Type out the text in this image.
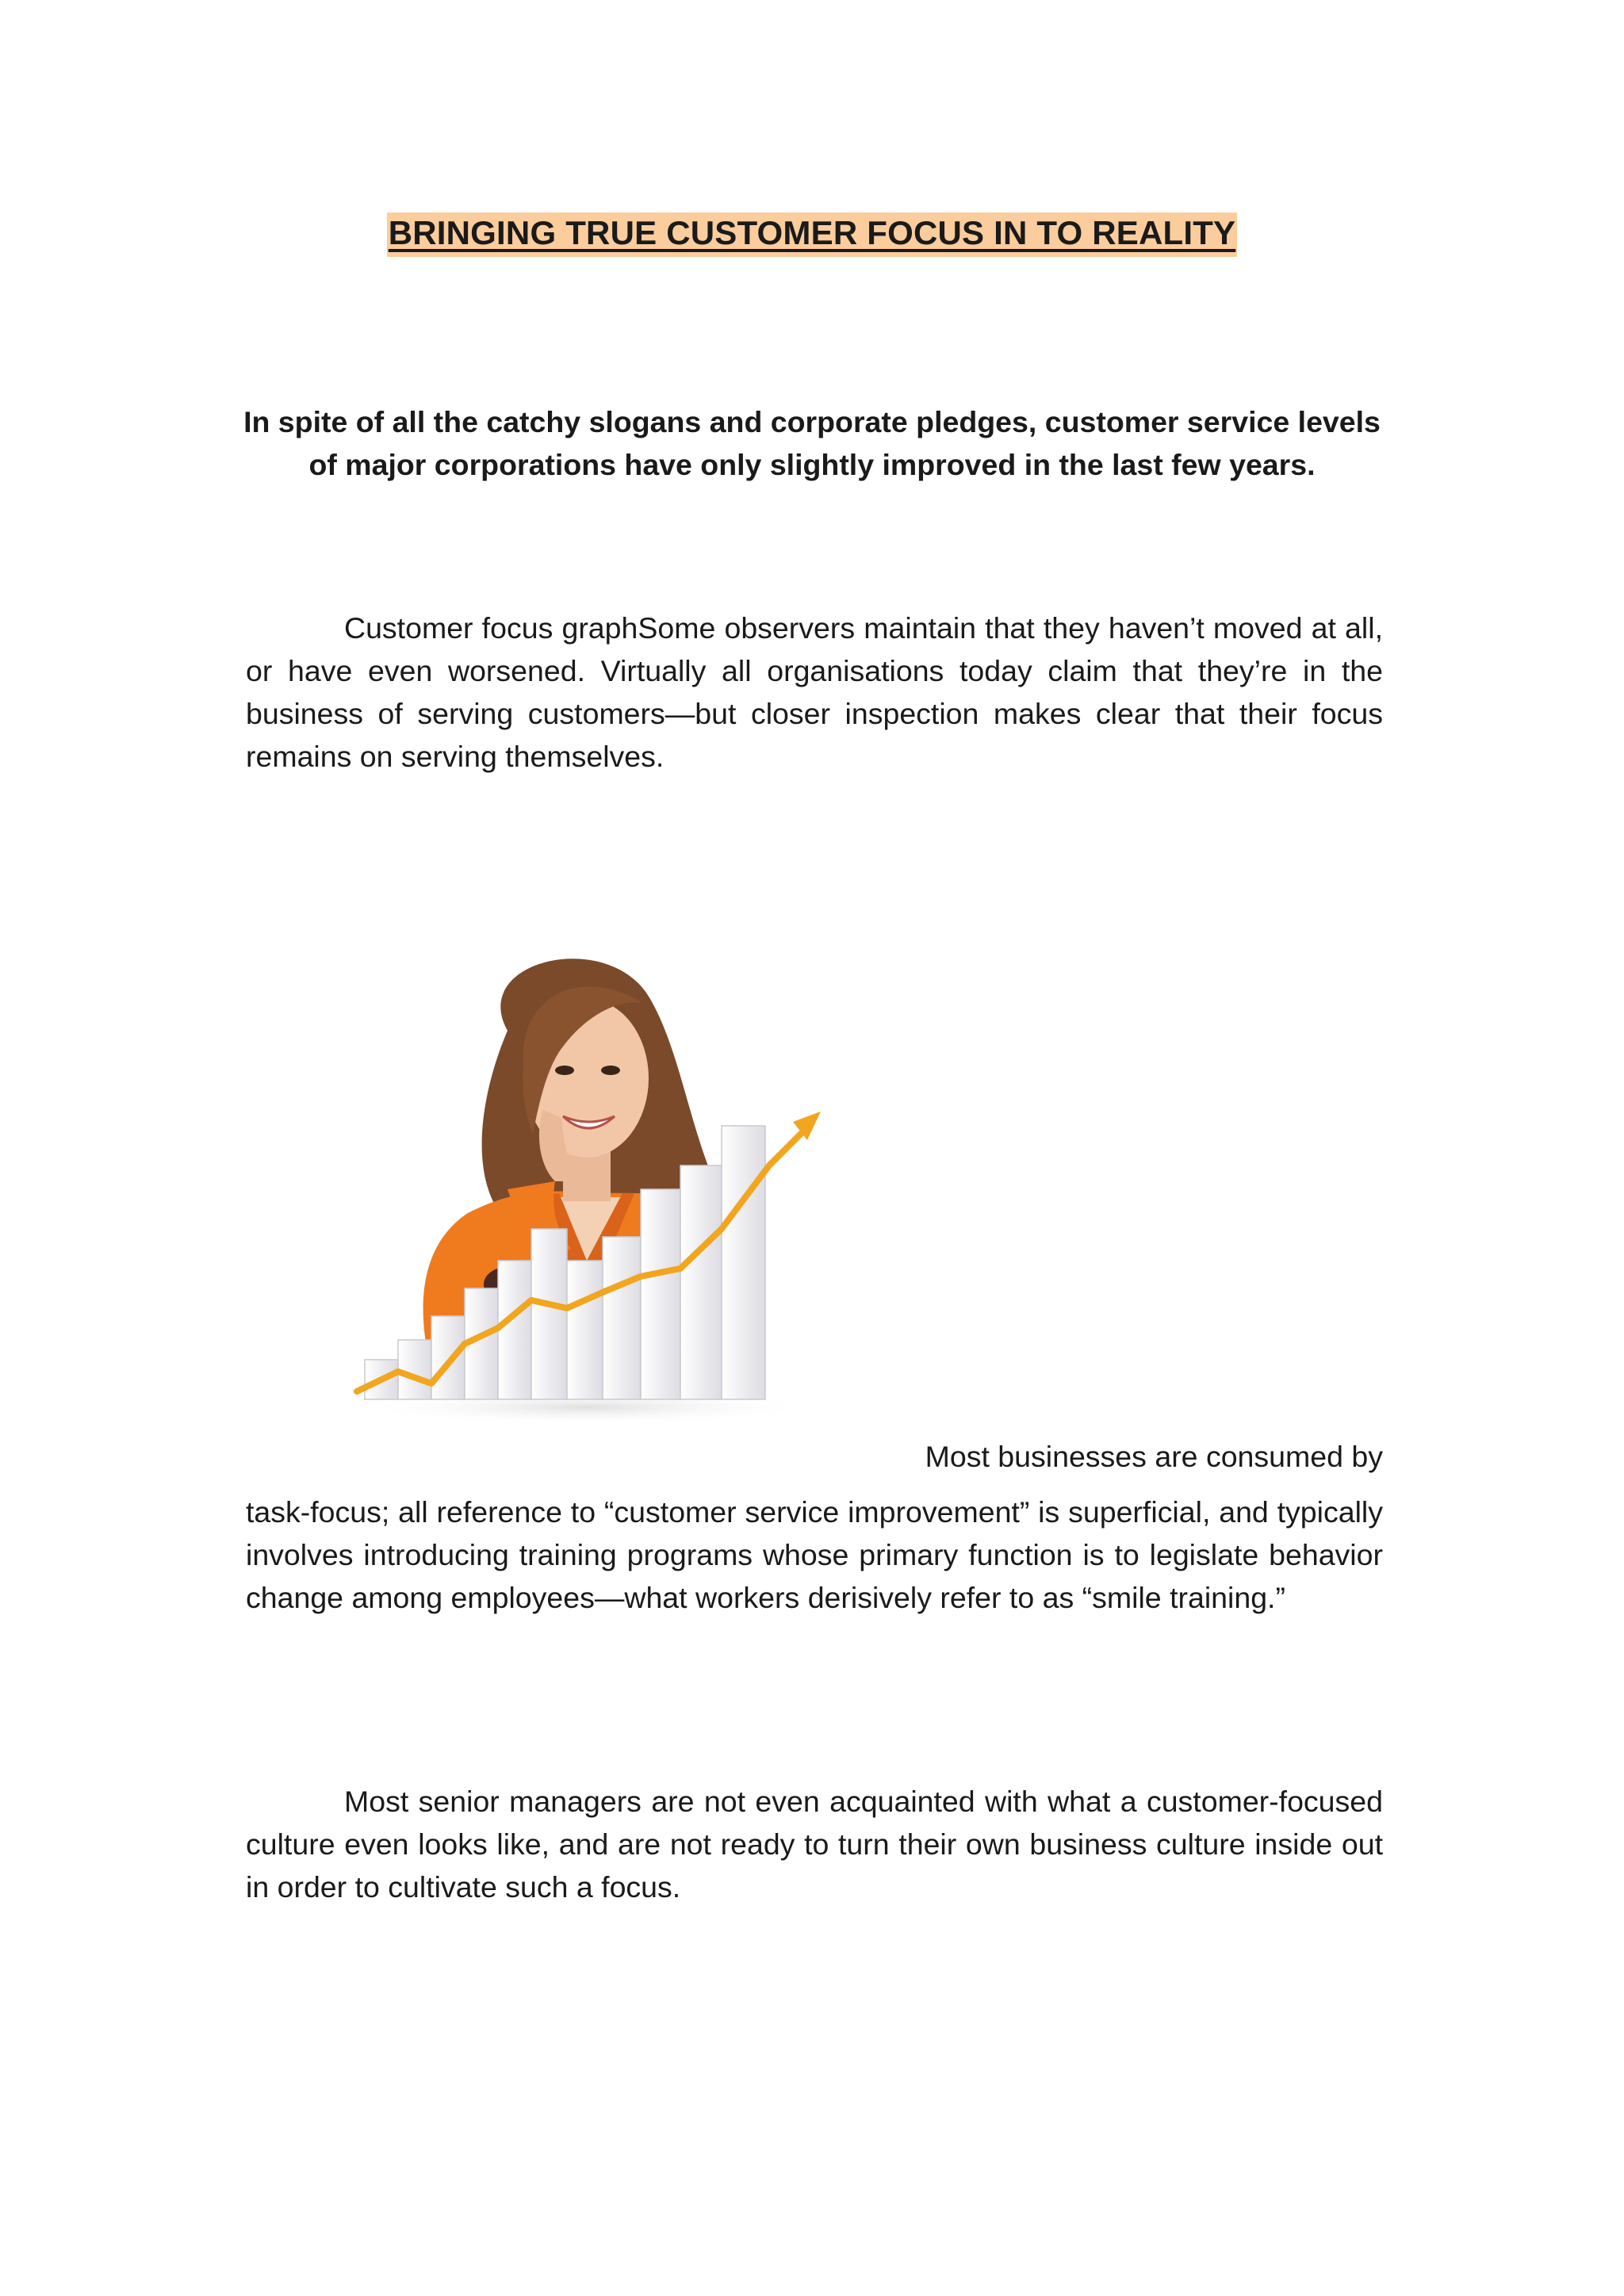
BRINGING TRUE CUSTOMER FOCUS IN TO REALITY
In spite of all the catchy slogans and corporate pledges, customer service levels of major corporations have only slightly improved in the last few years.

Customer focus graphSome observers maintain that they haven’t moved at all, or have even worsened. Virtually all organisations today claim that they’re in the business of serving customers—but closer inspection makes clear that their focus remains on serving themselves.

Most businesses are consumed by

task-focus; all reference to “customer service improvement” is superficial, and typically involves introducing training programs whose primary function is to legislate behavior change among employees—what workers derisively refer to as “smile training.”

Most senior managers are not even acquainted with what a customer-focused culture even looks like, and are not ready to turn their own business culture inside out in order to cultivate such a focus.
